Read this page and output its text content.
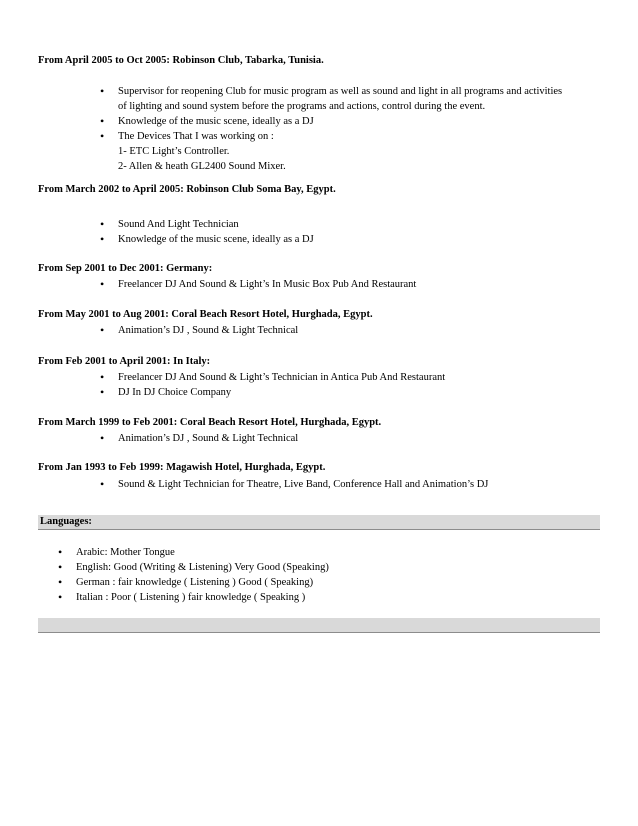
From April 2005 to Oct 2005: Robinson Club, Tabarka, Tunisia.
• Supervisor for reopening Club for music program as well as sound and light in all programs and activities of lighting and sound system before the programs and actions, control during the event.
• Knowledge of the music scene, ideally as a DJ
• The Devices That I was working on :
1- ETC Light’s Controller.
2- Allen & heath GL2400 Sound Mixer.
From March 2002 to April 2005: Robinson Club Soma Bay, Egypt.
• Sound And Light Technician
• Knowledge of the music scene, ideally as a DJ
From Sep 2001 to Dec 2001: Germany:
• Freelancer DJ And Sound & Light’s In Music Box Pub And Restaurant
From May 2001 to Aug 2001: Coral Beach Resort Hotel, Hurghada, Egypt.
• Animation’s DJ , Sound & Light Technical
From Feb 2001 to April 2001: In Italy:
• Freelancer DJ And Sound & Light’s Technician in Antica Pub And Restaurant
• DJ In DJ Choice Company
From March 1999 to Feb 2001: Coral Beach Resort Hotel, Hurghada, Egypt.
• Animation’s DJ , Sound & Light Technical
From Jan 1993 to Feb 1999: Magawish Hotel, Hurghada, Egypt.
• Sound & Light Technician for Theatre, Live Band, Conference Hall and Animation’s DJ
Languages:
• Arabic: Mother Tongue
• English: Good (Writing & Listening) Very Good (Speaking)
• German : fair knowledge ( Listening ) Good ( Speaking)
• Italian : Poor ( Listening ) fair knowledge ( Speaking )
